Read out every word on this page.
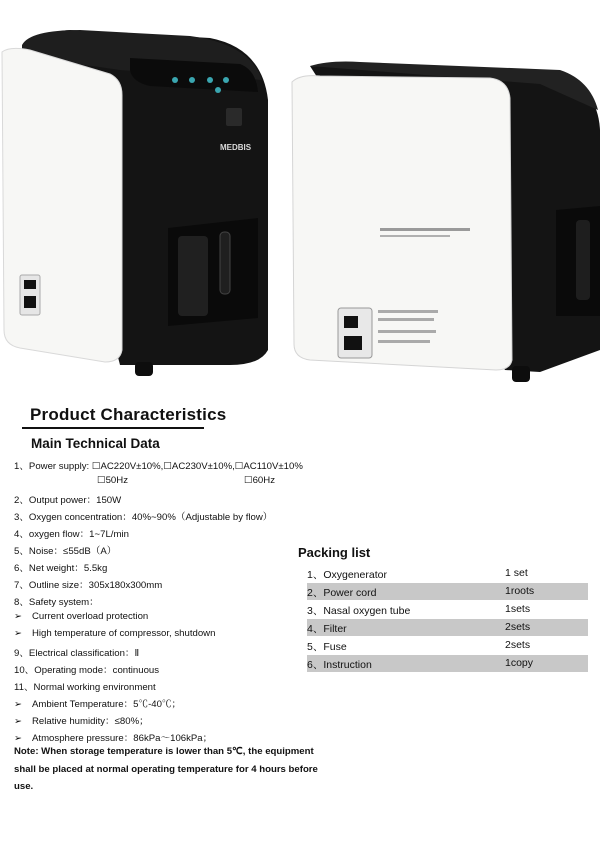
MEDBIS
Product Characteristics
Main Technical Data
1、Power supply: ☐AC220V±10%,☐AC230V±10%,☐AC110V±10%
☐50Hz	☐60Hz
2、Output power：150W
3、Oxygen concentration：40%~90%（Adjustable by flow）
4、oxygen flow：1~7L/min
5、Noise：≤55dB（A）
6、Net weight：5.5kg
7、Outline size：305x180x300mm
8、Safety system：
➢ Current overload protection
➢ High temperature of compressor, shutdown
9、Electrical classification：Ⅱ
10、Operating mode：continuous
11、Normal working environment
➢ Ambient Temperature：5℃-40℃；
➢ Relative humidity：≤80%；
➢ Atmosphere pressure：86kPa～106kPa；
Note: When storage temperature is lower than 5℃, the equipment shall be placed at normal operating temperature for 4 hours before use.
Packing list
1、Oxygenerator	1 set
2、Power cord	1roots
3、Nasal oxygen tube	1sets
4、Filter	2sets
5、Fuse	2sets
6、Instruction	1copy
